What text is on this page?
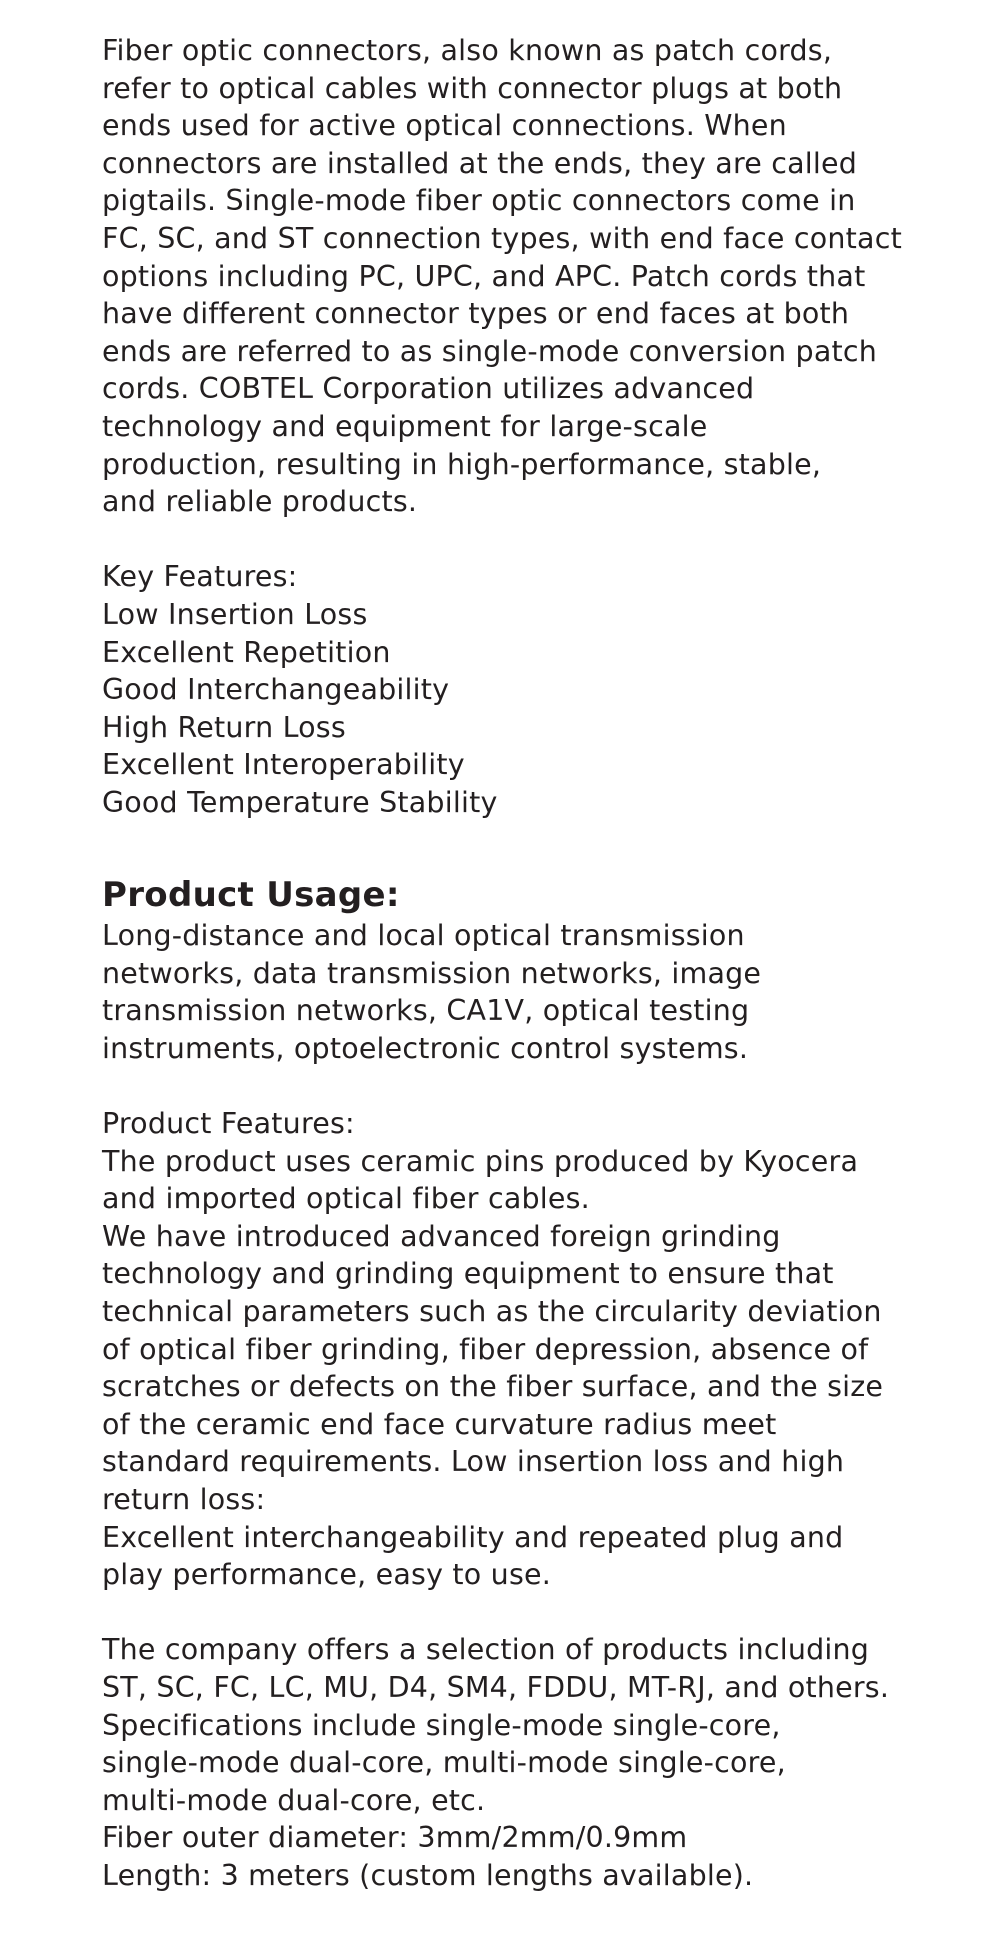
Fiber optic connectors, also known as patch cords,
refer to optical cables with connector plugs at both
ends used for active optical connections. When
connectors are installed at the ends, they are called
pigtails. Single-mode fiber optic connectors come in
FC, SC, and ST connection types, with end face contact
options including PC, UPC, and APC. Patch cords that
have different connector types or end faces at both
ends are referred to as single-mode conversion patch
cords. COBTEL Corporation utilizes advanced
technology and equipment for large-scale
production, resulting in high-performance, stable,
and reliable products.

Key Features:

Low Insertion Loss
Excellent Repetition
Good Interchangeability
High Return Loss
Excellent Interoperability
Good Temperature Stability
Product Usage:

Long-distance and local optical transmission
networks, data transmission networks, image
transmission networks, CA1V, optical testing
instruments, optoelectronic control systems.

Product Features:

The product uses ceramic pins produced by Kyocera
and imported optical fiber cables.
We have introduced advanced foreign grinding
technology and grinding equipment to ensure that
technical parameters such as the circularity deviation
of optical fiber grinding, fiber depression, absence of
scratches or defects on the fiber surface, and the size
of the ceramic end face curvature radius meet
standard requirements. Low insertion loss and high
return loss:
Excellent interchangeability and repeated plug and
play performance, easy to use.

The company offers a selection of products including
ST, SC, FC, LC, MU, D4, SM4, FDDU, MT-RJ, and others.
Specifications include single-mode single-core,
single-mode dual-core, multi-mode single-core,
multi-mode dual-core, etc.
Fiber outer diameter: 3mm/2mm/0.9mm
Length: 3 meters (custom lengths available).
